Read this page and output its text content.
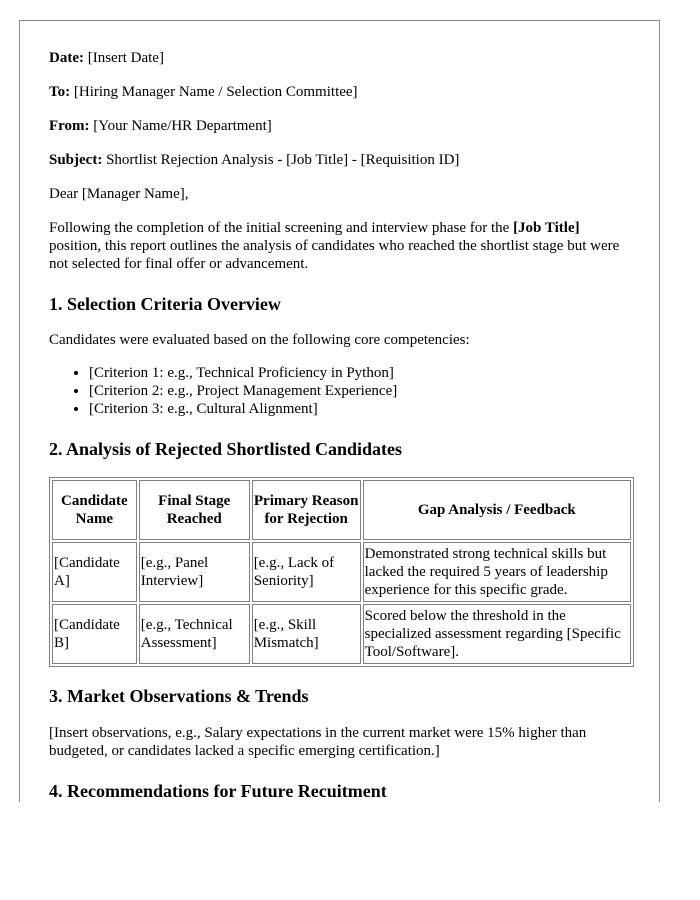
Date: [Insert Date]

To: [Hiring Manager Name / Selection Committee]

From: [Your Name/HR Department]

Subject: Shortlist Rejection Analysis - [Job Title] - [Requisition ID]

Dear [Manager Name],

Following the completion of the initial screening and interview phase for the [Job Title] position, this report outlines the analysis of candidates who reached the shortlist stage but were not selected for final offer or advancement.

1. Selection Criteria Overview

Candidates were evaluated based on the following core competencies:

• [Criterion 1: e.g., Technical Proficiency in Python]
• [Criterion 2: e.g., Project Management Experience]
• [Criterion 3: e.g., Cultural Alignment]
2. Analysis of Rejected Shortlisted Candidates
Candidate Name	Final Stage Reached	Primary Reason for Rejection	Gap Analysis / Feedback
[Candidate A]	[e.g., Panel Interview]	[e.g., Lack of Seniority]	Demonstrated strong technical skills but lacked the required 5 years of leadership experience for this specific grade.
[Candidate B]	[e.g., Technical Assessment]	[e.g., Skill Mismatch]	Scored below the threshold in the specialized assessment regarding [Specific Tool/Software].
3. Market Observations & Trends

[Insert observations, e.g., Salary expectations in the current market were 15% higher than budgeted, or candidates lacked a specific emerging certification.]

4. Recommendations for Future Recuitment
